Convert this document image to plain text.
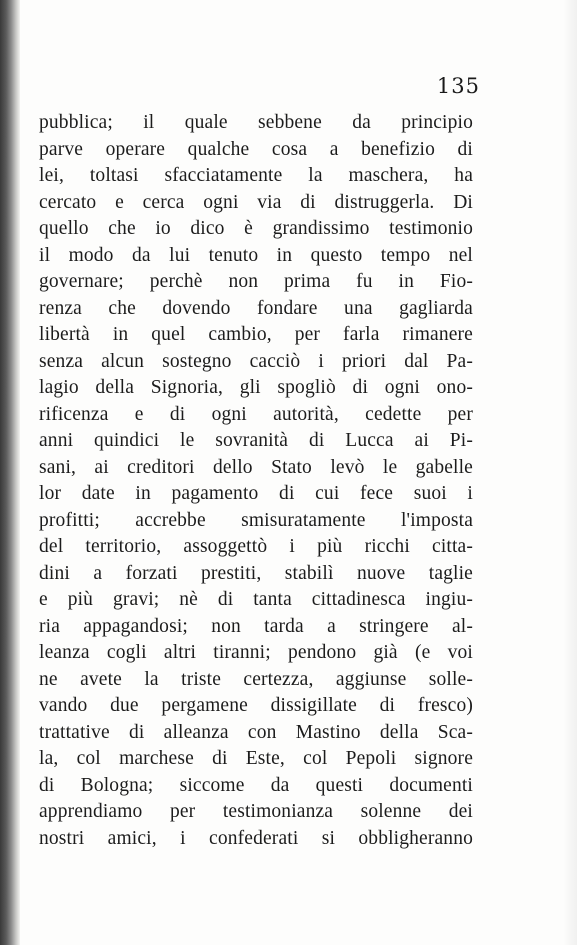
135
pubblica; il quale sebbene da principio
parve operare qualche cosa a benefizio di
lei, toltasi sfacciatamente la maschera, ha
cercato e cerca ogni via di distruggerla. Di
quello che io dico è grandissimo testimonio
il modo da lui tenuto in questo tempo nel
governare; perchè non prima fu in Fio-
renza che dovendo fondare una gagliarda
libertà in quel cambio, per farla rimanere
senza alcun sostegno cacciò i priori dal Pa-
lagio della Signoria, gli spogliò di ogni ono-
rificenza e di ogni autorità, cedette per
anni quindici le sovranità di Lucca ai Pi-
sani, ai creditori dello Stato levò le gabelle
lor date in pagamento di cui fece suoi i
profitti; accrebbe smisuratamente l'imposta
del territorio, assoggettò i più ricchi citta-
dini a forzati prestiti, stabilì nuove taglie
e più gravi; nè di tanta cittadinesca ingiu-
ria appagandosi; non tarda a stringere al-
leanza cogli altri tiranni; pendono già (e voi
ne avete la triste certezza, aggiunse solle-
vando due pergamene dissigillate di fresco)
trattative di alleanza con Mastino della Sca-
la, col marchese di Este, col Pepoli signore
di Bologna; siccome da questi documenti
apprendiamo per testimonianza solenne dei
nostri amici, i confederati si obbligheranno
